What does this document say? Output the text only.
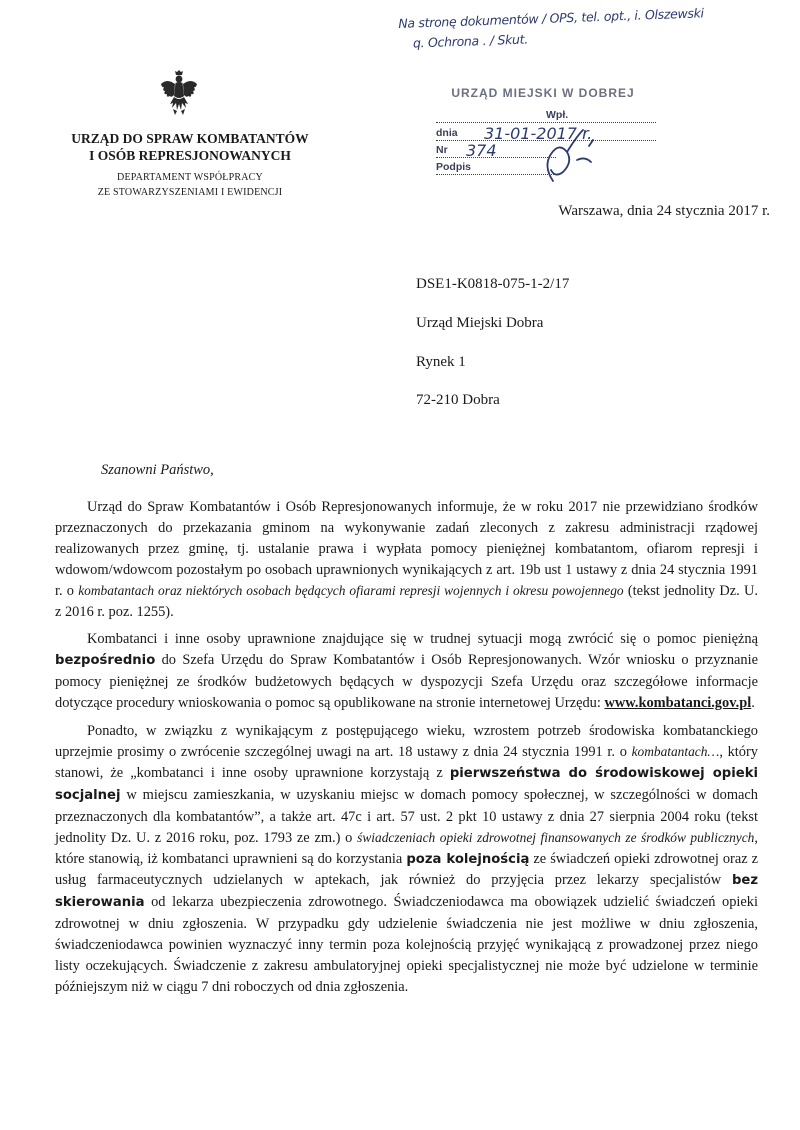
Na stronę dokumentów / OPS, tel. opt., i. Olszewski
q. Ochrona . / Skut.
URZĄD DO SPRAW KOMBATANTÓW
I OSÓB REPRESJONOWANYCH
DEPARTAMENT WSPÓŁPRACY
ZE STOWARZYSZENIAMI I EWIDENCJI
URZĄD MIEJSKI W DOBREJ
Wpł.
dnia 31-01-2017 r.
Nr 374
Podpis
Warszawa, dnia 24 stycznia 2017 r.
DSE1-K0818-075-1-2/17
Urząd Miejski Dobra
Rynek 1
72-210 Dobra
Szanowni Państwo,

Urząd do Spraw Kombatantów i Osób Represjonowanych informuje, że w roku 2017 nie przewidziano środków przeznaczonych do przekazania gminom na wykonywanie zadań zleconych z zakresu administracji rządowej realizowanych przez gminę, tj. ustalanie prawa i wypłata pomocy pieniężnej kombatantom, ofiarom represji i wdowom/wdowcom pozostałym po osobach uprawnionych wynikających z art. 19b ust 1 ustawy z dnia 24 stycznia 1991 r. o kombatantach oraz niektórych osobach będących ofiarami represji wojennych i okresu powojennego (tekst jednolity Dz. U. z 2016 r. poz. 1255).

Kombatanci i inne osoby uprawnione znajdujące się w trudnej sytuacji mogą zwrócić się o pomoc pieniężną bezpośrednio do Szefa Urzędu do Spraw Kombatantów i Osób Represjonowanych. Wzór wniosku o przyznanie pomocy pieniężnej ze środków budżetowych będących w dyspozycji Szefa Urzędu oraz szczegółowe informacje dotyczące procedury wnioskowania o pomoc są opublikowane na stronie internetowej Urzędu: www.kombatanci.gov.pl.

Ponadto, w związku z wynikającym z postępującego wieku, wzrostem potrzeb środowiska kombatanckiego uprzejmie prosimy o zwrócenie szczególnej uwagi na art. 18 ustawy z dnia 24 stycznia 1991 r. o kombatantach…, który stanowi, że „kombatanci i inne osoby uprawnione korzystają z pierwszeństwa do środowiskowej opieki socjalnej w miejscu zamieszkania, w uzyskaniu miejsc w domach pomocy społecznej, w szczególności w domach przeznaczonych dla kombatantów”, a także art. 47c i art. 57 ust. 2 pkt 10 ustawy z dnia 27 sierpnia 2004 roku (tekst jednolity Dz. U. z 2016 roku, poz. 1793 ze zm.) o świadczeniach opieki zdrowotnej finansowanych ze środków publicznych, które stanowią, iż kombatanci uprawnieni są do korzystania poza kolejnością ze świadczeń opieki zdrowotnej oraz z usług farmaceutycznych udzielanych w aptekach, jak również do przyjęcia przez lekarzy specjalistów bez skierowania od lekarza ubezpieczenia zdrowotnego. Świadczeniodawca ma obowiązek udzielić świadczeń opieki zdrowotnej w dniu zgłoszenia. W przypadku gdy udzielenie świadczenia nie jest możliwe w dniu zgłoszenia, świadczeniodawca powinien wyznaczyć inny termin poza kolejnością przyjęć wynikającą z prowadzonej przez niego listy oczekujących. Świadczenie z zakresu ambulatoryjnej opieki specjalistycznej nie może być udzielone w terminie późniejszym niż w ciągu 7 dni roboczych od dnia zgłoszenia.
